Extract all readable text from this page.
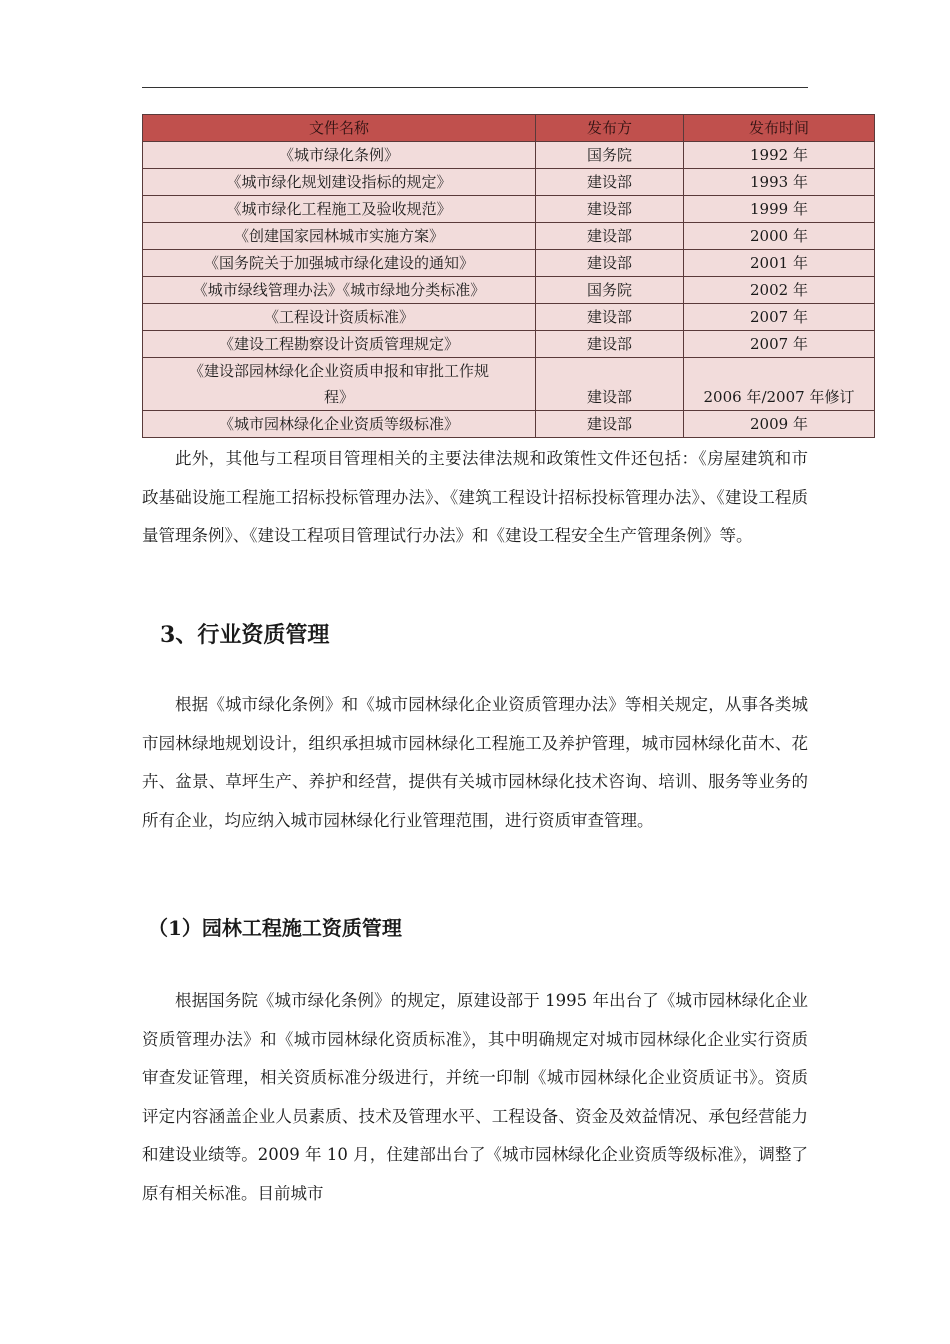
文件名称	发布方	发布时间
《城市绿化条例》	国务院	1992 年
《城市绿化规划建设指标的规定》	建设部	1993 年
《城市绿化工程施工及验收规范》	建设部	1999 年
《创建国家园林城市实施方案》	建设部	2000 年
《国务院关于加强城市绿化建设的通知》	建设部	2001 年
《城市绿线管理办法》《城市绿地分类标准》	国务院	2002 年
《工程设计资质标准》	建设部	2007 年
《建设工程勘察设计资质管理规定》	建设部	2007 年

《建设部园林绿化企业资质申报和审批工作规
程》	建设部	2006 年/2007 年修订
《城市园林绿化企业资质等级标准》	建设部	2009 年

此外，其他与工程项目管理相关的主要法律法规和政策性文件还包括：《房屋建筑和市政基础设施工程施工招标投标管理办法》、《建筑工程设计招标投标管理办法》、《建设工程质量管理条例》、《建设工程项目管理试行办法》和《建设工程安全生产管理条例》等。

3、行业资质管理

根据《城市绿化条例》和《城市园林绿化企业资质管理办法》等相关规定，从事各类城市园林绿地规划设计，组织承担城市园林绿化工程施工及养护管理，城市园林绿化苗木、花卉、盆景、草坪生产、养护和经营，提供有关城市园林绿化技术咨询、培训、服务等业务的所有企业，均应纳入城市园林绿化行业管理范围，进行资质审查管理。

（1）园林工程施工资质管理

根据国务院《城市绿化条例》的规定，原建设部于 1995 年出台了《城市园林绿化企业资质管理办法》和《城市园林绿化资质标准》，其中明确规定对城市园林绿化企业实行资质审查发证管理，相关资质标准分级进行，并统一印制《城市园林绿化企业资质证书》。资质评定内容涵盖企业人员素质、技术及管理水平、工程设备、资金及效益情况、承包经营能力和建设业绩等。2009 年 10 月，住建部出台了《城市园林绿化企业资质等级标准》，调整了原有相关标准。目前城市
